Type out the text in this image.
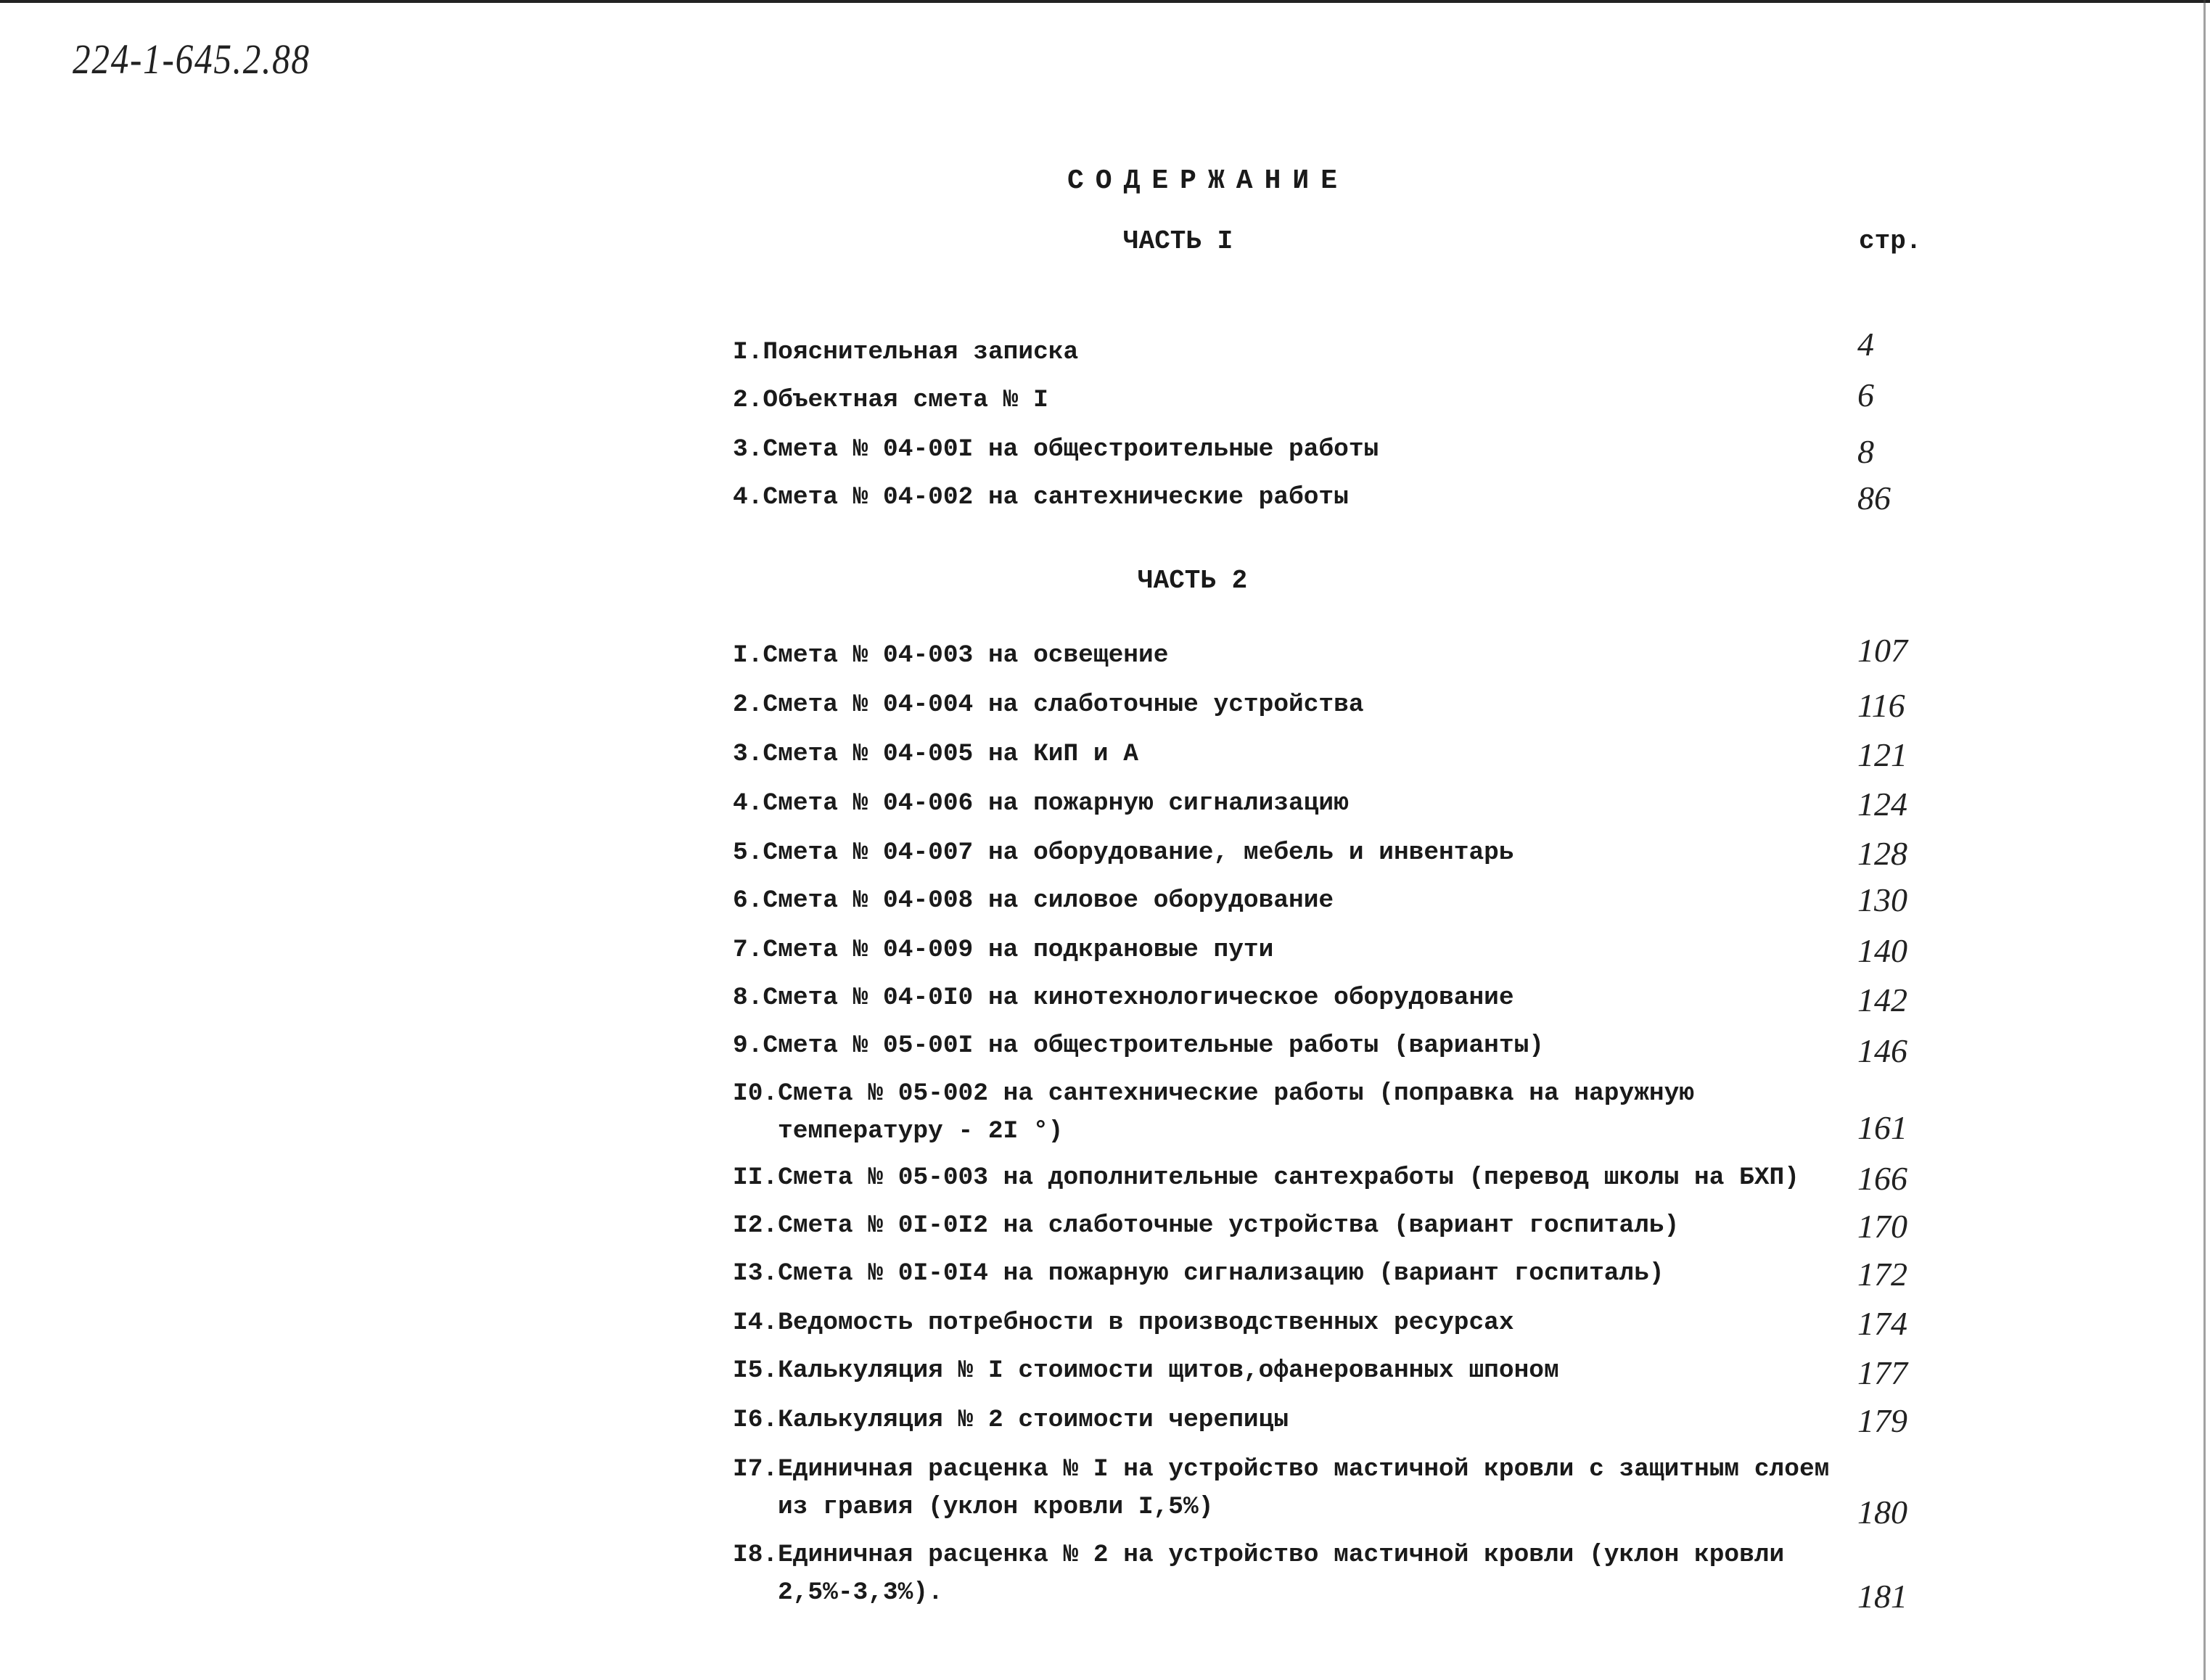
224-1-645.2.88
СОДЕРЖАНИЕ
ЧАСТЬ I	стр.
ЧАСТЬ 2
I.Пояснительная записка	4
2.Объектная смета № I	6
3.Смета № 04-00I на общестроительные работы	8
4.Смета № 04-002 на сантехнические работы	86
I.Смета № 04-003 на освещение	107
2.Смета № 04-004 на слаботочные устройства	116
3.Смета № 04-005 на КиП и А	121
4.Смета № 04-006 на пожарную сигнализацию	124
5.Смета № 04-007 на оборудование, мебель и инвентарь	128
6.Смета № 04-008 на силовое оборудование	130
7.Смета № 04-009 на подкрановые пути	140
8.Смета № 04-0I0 на кинотехнологическое оборудование	142
9.Смета № 05-00I на общестроительные работы (варианты)	146
I0.Смета № 05-002 на сантехнические работы (поправка на наружную
температуру - 2I °)	161
II.Смета № 05-003 на дополнительные сантехработы (перевод школы на БХП)	166
I2.Смета № 0I-0I2 на слаботочные устройства (вариант госпиталь)	170
I3.Смета № 0I-0I4 на пожарную сигнализацию (вариант госпиталь)	172
I4.Ведомость потребности в производственных ресурсах	174
I5.Калькуляция № I стоимости щитов,офанерованных шпоном	177
I6.Калькуляция № 2 стоимости черепицы	179
I7.Единичная расценка № I на устройство мастичной кровли с защитным слоем
из гравия (уклон кровли I,5%)	180
I8.Единичная расценка № 2 на устройство мастичной кровли (уклон кровли
2,5%-3,3%).	181
